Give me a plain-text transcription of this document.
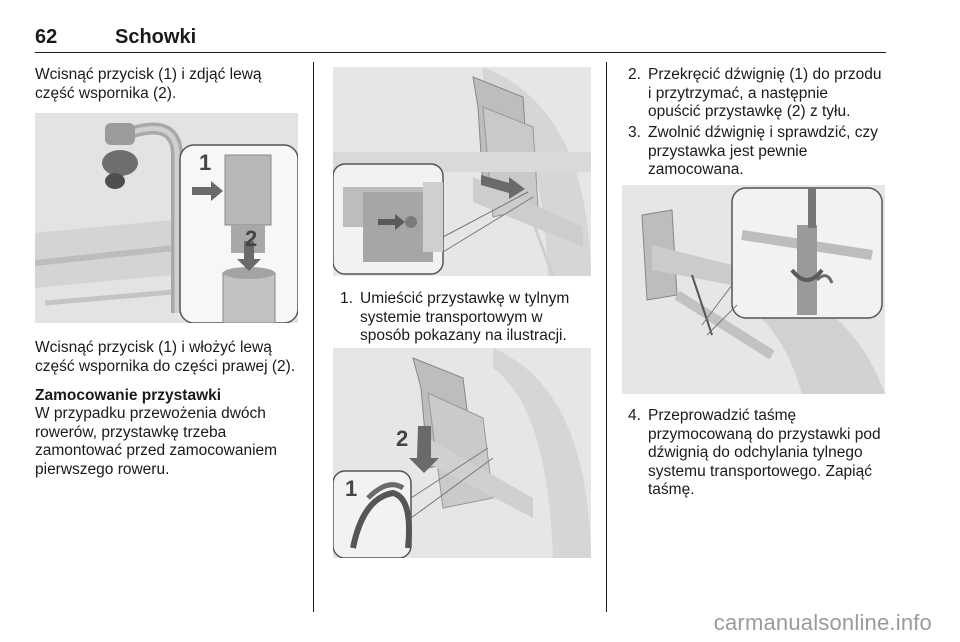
62	Schowki
Wcisnąć przycisk (1) i zdjąć lewą
część wspornika (2).
1
2
Wcisnąć przycisk (1) i włożyć lewą
część wspornika do części prawej (2).
Zamocowanie przystawki
W przypadku przewożenia dwóch
rowerów, przystawkę trzeba
zamontować przed zamocowaniem
pierwszego roweru.
1. Umieścić przystawkę w tylnym
systemie transportowym w
sposób pokazany na ilustracji.
2
1
2. Przekręcić dźwignię (1) do przodu
i przytrzymać, a następnie
opuścić przystawkę (2) z tyłu.
3. Zwolnić dźwignię i sprawdzić, czy
przystawka jest pewnie
zamocowana.
4. Przeprowadzić taśmę
przymocowaną do przystawki pod
dźwignią do odchylania tylnego
systemu transportowego. Zapiąć
taśmę.
carmanualsonline.info
